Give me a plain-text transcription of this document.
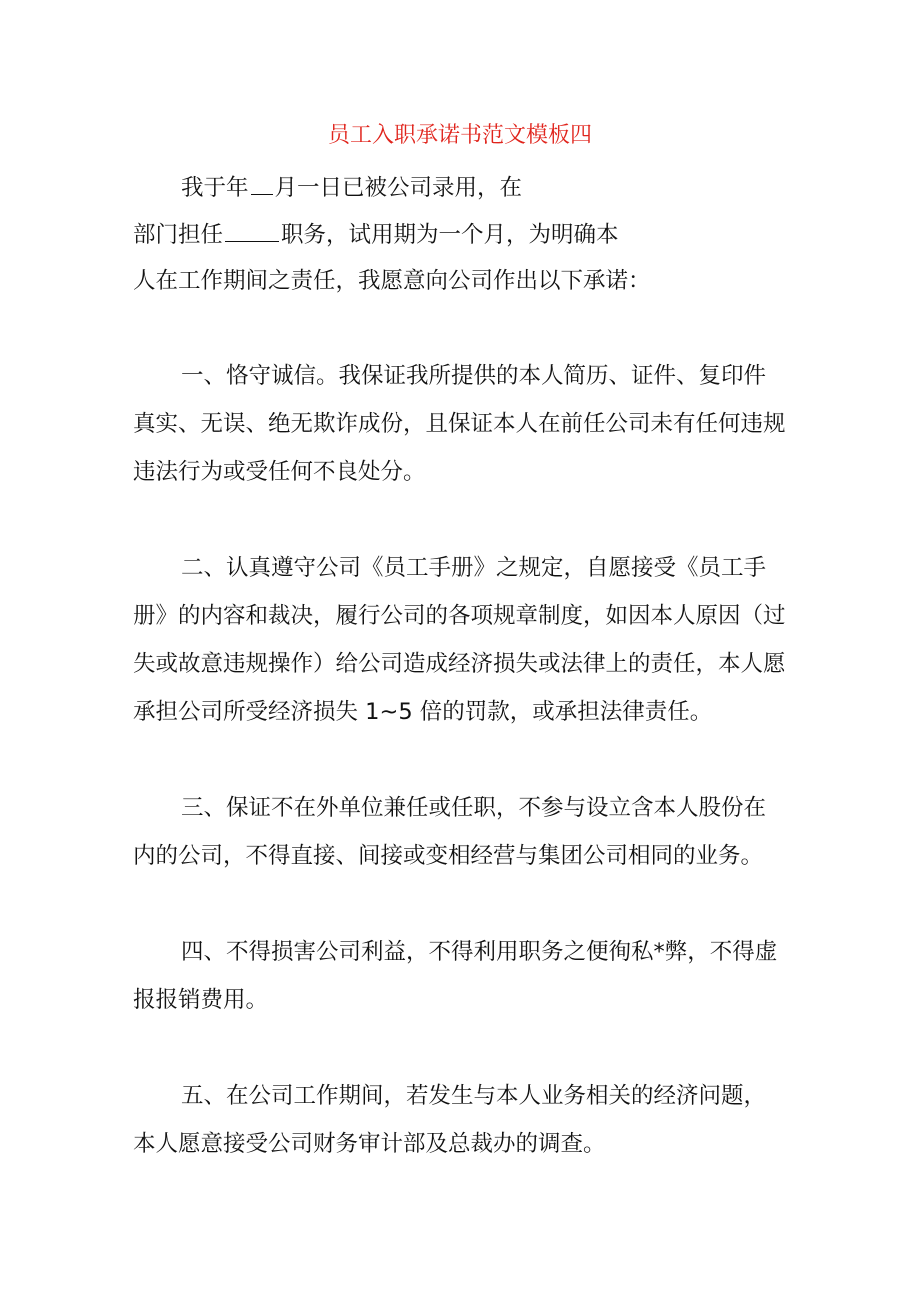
员工入职承诺书范文模板四

我于年 月一日已被公司录用，在

部门担任	职务，试用期为一个月，为明确本

人在工作期间之责任，我愿意向公司作出以下承诺：

一、恪守诚信。我保证我所提供的本人简历、证件、复印件

真实、无误、绝无欺诈成份，且保证本人在前任公司未有任何违规

违法行为或受任何不良处分。

二、认真遵守公司《员工手册》之规定，自愿接受《员工手

册》的内容和裁决，履行公司的各项规章制度，如因本人原因（过

失或故意违规操作）给公司造成经济损失或法律上的责任，本人愿

承担公司所受经济损失 1~5 倍的罚款，或承担法律责任。

三、保证不在外单位兼任或任职，不参与设立含本人股份在

内的公司，不得直接、间接或变相经营与集团公司相同的业务。

四、不得损害公司利益，不得利用职务之便徇私*弊，不得虚

报报销费用。

五、在公司工作期间，若发生与本人业务相关的经济问题，

本人愿意接受公司财务审计部及总裁办的调查。
